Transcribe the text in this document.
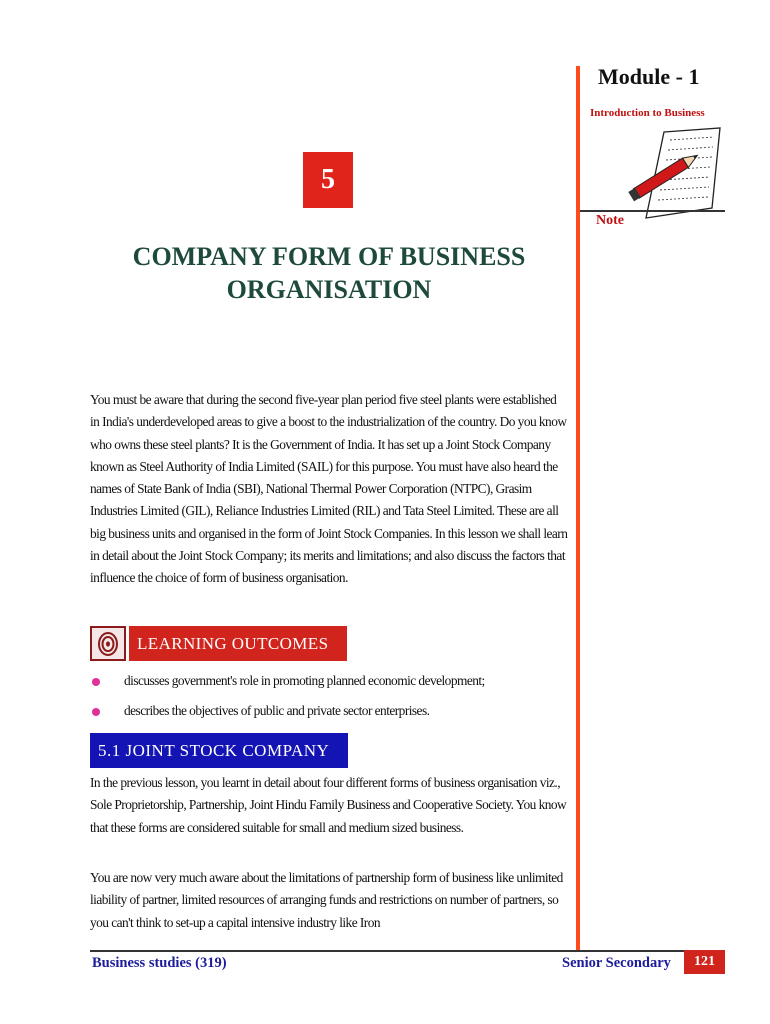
Module - 1
Introduction to Business
Note
5
COMPANY FORM OF BUSINESS
ORGANISATION

You must be aware that during the second five-year plan period five steel plants were established in India's underdeveloped areas to give a boost to the industrialization of the country. Do you know who owns these steel plants? It is the Government of India. It has set up a Joint Stock Company known as Steel Authority of India Limited (SAIL) for this purpose. You must have also heard the names of State Bank of India (SBI), National Thermal Power Corporation (NTPC), Grasim Industries Limited (GIL), Reliance Industries Limited (RIL) and Tata Steel Limited. These are all big business units and organised in the form of Joint Stock Companies. In this lesson we shall learn in detail about the Joint Stock Company; its merits and limitations; and also discuss the factors that influence the choice of form of business organisation.

LEARNING OUTCOMES
discusses government's role in promoting planned economic development;
describes the objectives of public and private sector enterprises.
5.1 JOINT STOCK COMPANY

In the previous lesson, you learnt in detail about four different forms of business organisation viz., Sole Proprietorship, Partnership, Joint Hindu Family Business and Cooperative Society. You know that these forms are considered suitable for small and medium sized business.

You are now very much aware about the limitations of partnership form of business like unlimited liability of partner, limited resources of arranging funds and restrictions on number of partners, so you can't think to set-up a capital intensive industry like Iron

Business studies (319)	Senior Secondary	121
